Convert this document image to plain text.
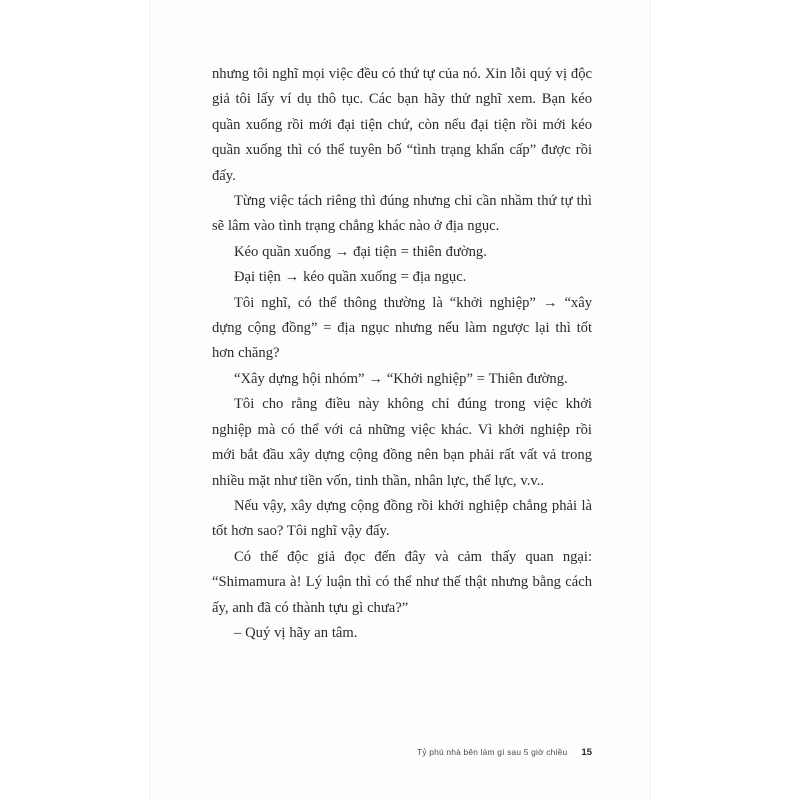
nhưng tôi nghĩ mọi việc đều có thứ tự của nó. Xin lỗi quý vị độc giả tôi lấy ví dụ thô tục. Các bạn hãy thử nghĩ xem. Bạn kéo quần xuống rồi mới đại tiện chứ, còn nếu đại tiện rồi mới kéo quần xuống thì có thể tuyên bố “tình trạng khẩn cấp” được rồi đấy.

Từng việc tách riêng thì đúng nhưng chỉ cần nhầm thứ tự thì sẽ lâm vào tình trạng chẳng khác nào ở địa ngục.

Kéo quần xuống → đại tiện = thiên đường.

Đại tiện → kéo quần xuống = địa ngục.

Tôi nghĩ, có thể thông thường là “khởi nghiệp” → “xây dựng cộng đồng” = địa ngục nhưng nếu làm ngược lại thì tốt hơn chăng?

“Xây dựng hội nhóm” → “Khởi nghiệp” = Thiên đường.

Tôi cho rằng điều này không chỉ đúng trong việc khởi nghiệp mà có thể với cả những việc khác. Vì khởi nghiệp rồi mới bắt đầu xây dựng cộng đồng nên bạn phải rất vất vả trong nhiều mặt như tiền vốn, tinh thần, nhân lực, thể lực, v.v..

Nếu vậy, xây dựng cộng đồng rồi khởi nghiệp chẳng phải là tốt hơn sao? Tôi nghĩ vậy đấy.

Có thể độc giả đọc đến đây và cảm thấy quan ngại: “Shimamura à! Lý luận thì có thể như thế thật nhưng bằng cách ấy, anh đã có thành tựu gì chưa?”

– Quý vị hãy an tâm.

Tỷ phú nhà bên làm gì sau 5 giờ chiều 15
